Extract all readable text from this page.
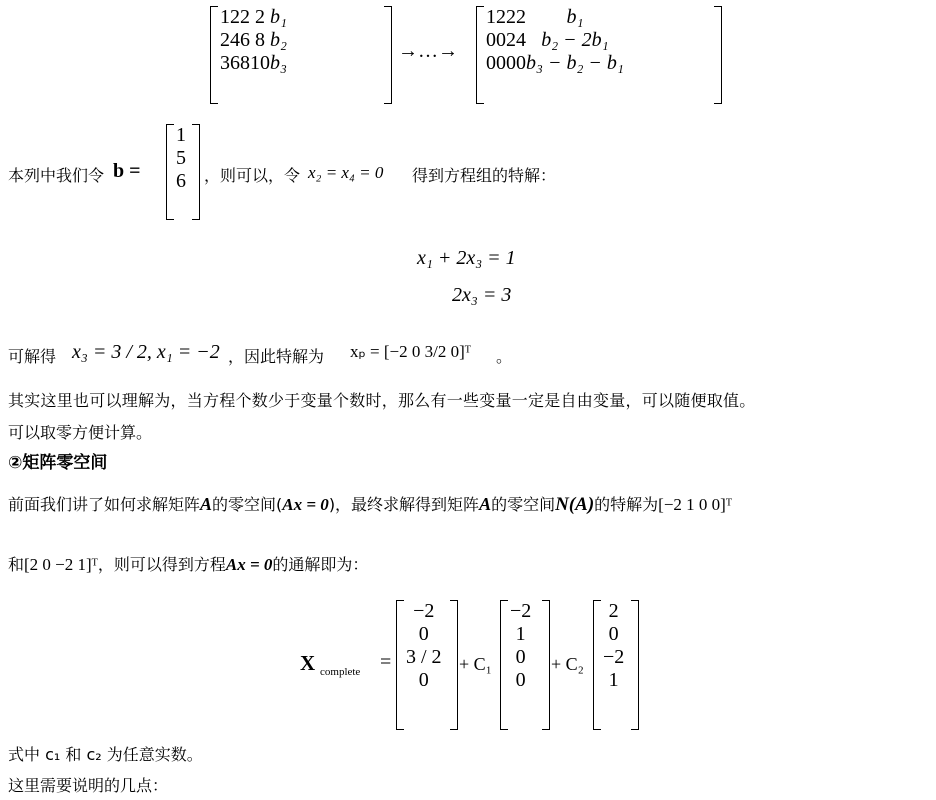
1	2	2	2	b₁
2	4	6	8	b₂
3	6	8	10	b₃
→…→
1	2	2	2	b₁
0	0	2	4	b₂ − 2b₁
0	0	0	0	b₃ − b₂ − b₁
本列中我们令 b =
1
5
6 ，则可以，令 x₂ = x₄ = 0 得到方程组的特解：
x₁ + 2x₃ = 1
2x₃ = 3
可解得 x₃ = 3 / 2, x₁ = −2 ，因此特解为 xₚ = [−2 0 3/2 0]ᵀ 。
其实这里也可以理解为，当方程个数少于变量个数时，那么有一些变量一定是自由变量，可以随便取值。
可以取零方便计算。
②矩阵零空间
前面我们讲了如何求解矩阵A的零空间(Ax = 0)，最终求解得到矩阵A的零空间N(A)的特解为[−2 1 0 0]ᵀ
和[2 0 −2 1]ᵀ，则可以得到方程Ax = 0的通解即为：
X complete =
−2
0
3 / 2
0
+ C₁
−2
1
0
0
+ C₂
2
0
−2
1
式中 c₁ 和 c₂ 为任意实数。
这里需要说明的几点：
